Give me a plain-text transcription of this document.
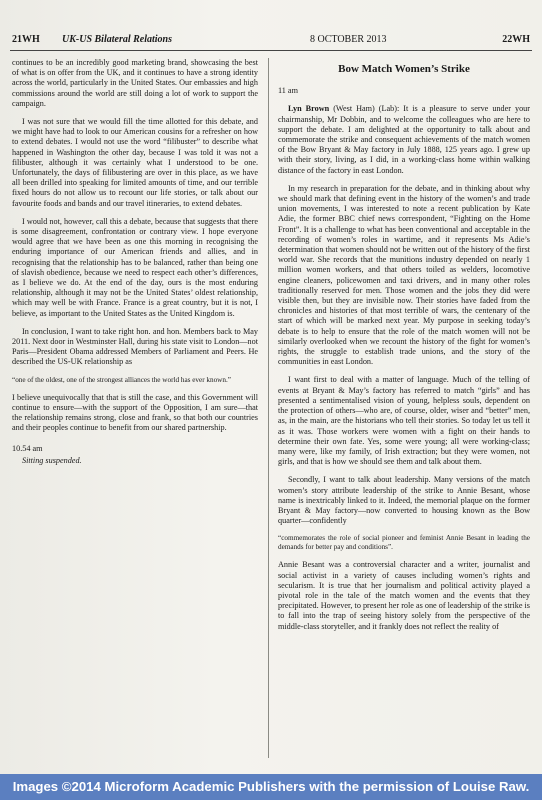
21WH UK-US Bilateral Relations	8 OCTOBER 2013	22WH

continues to be an incredibly good marketing brand, showcasing the best of what is on offer from the UK, and it continues to have a strong identity across the world, particularly in the United States. Our embassies and high commissions around the world are still doing a lot of work to support the campaign.

I was not sure that we would fill the time allotted for this debate, and we might have had to look to our American cousins for a refresher on how to extend debates. I would not use the word “filibuster” to describe what happened in Washington the other day, because I was told it was not a filibuster, although it was certainly what I understood to be one. Unfortunately, the days of filibustering are over in this place, as we have all been drilled into speaking for limited amounts of time, and our terrible fixed hours do not allow us to recount our life stories, or talk about our favourite foods and bands and our travel itineraries, to extend debates.

I would not, however, call this a debate, because that suggests that there is some disagreement, confrontation or contrary view. I hope everyone would agree that we have been as one this morning in recognising the enduring importance of our American friends and allies, and in recognising that the relationship has to be balanced, rather than being one of slavish obedience, because we need to respect each other’s differences, as I believe we do. At the end of the day, ours is the most enduring relationship, although it may not be the United States’ oldest relationship, which may well be with France. France is a great country, but it is not, I believe, as important to the United States as the United Kingdom is.

In conclusion, I want to take right hon. and hon. Members back to May 2011. Next door in Westminster Hall, during his state visit to London—not Paris—President Obama addressed Members of Parliament and Peers. He described the US-UK relationship as

“one of the oldest, one of the strongest alliances the world has ever known.”

I believe unequivocally that that is still the case, and this Government will continue to ensure—with the support of the Opposition, I am sure—that the relationship remains strong, close and frank, so that both our countries and their peoples continue to benefit from our shared partnership.

10.54 am
Sitting suspended.
Bow Match Women’s Strike
11 am

Lyn Brown (West Ham) (Lab): It is a pleasure to serve under your chairmanship, Mr Dobbin, and to welcome the colleagues who are here to support the debate. I am delighted at the opportunity to talk about and commemorate the strike and consequent achievements of the match women of the Bow Bryant & May factory in July 1888, 125 years ago. I grew up with their story, living, as I did, in a working-class home within walking distance of the factory in east London.

In my research in preparation for the debate, and in thinking about why we should mark that defining event in the history of the women’s and trade union movements, I was interested to note a recent publication by Kate Adie, the former BBC chief news correspondent, “Fighting on the Home Front”. It is a challenge to what has been conventional and acceptable in the recording of women’s roles in wartime, and it represents Ms Adie’s determination that women should not be written out of the history of the first world war. She records that the munitions industry depended on nearly 1 million women workers, and that others toiled as welders, locomotive engine cleaners, policewomen and taxi drivers, and in many other roles traditionally reserved for men. Those women and the jobs they did were visible then, but they are invisible now. Their stories have faded from the chronicles and histories of that most terrible of wars, the centenary of the start of which will be marked next year. My purpose in seeking today’s debate is to help to ensure that the role of the match women will not be similarly overlooked when we recount the history of the fight for women’s rights, the struggle to establish trade unions, and the story of the communities in east London.

I want first to deal with a matter of language. Much of the telling of events at Bryant & May’s factory has referred to match “girls” and has presented a sentimentalised vision of young, helpless souls, dependent on the protection of others—who are, of course, older, wiser and “better” men, as, in the main, are the historians who tell their stories. So today let us tell it as it was. Those workers were women with a fight on their hands to determine their own fate. Yes, some were young; all were working-class; many were, like my family, of Irish extraction; but they were women, not girls, and that is how we should see them and talk about them.

Secondly, I want to talk about leadership. Many versions of the match women’s story attribute leadership of the strike to Annie Besant, whose name is inextricably linked to it. Indeed, the memorial plaque on the former Bryant & May factory—now converted to housing known as the Bow quarter—confidently

“commemorates the role of social pioneer and feminist Annie Besant in leading the demands for better pay and conditions”.

Annie Besant was a controversial character and a writer, journalist and social activist in a variety of causes including women’s rights and secularism. It is true that her journalism and political activity played a pivotal role in the tale of the match women and the events that they precipitated. However, to present her role as one of leadership of the strike is to fall into the trap of seeing history solely from the perspective of the middle-class storyteller, and it frankly does not reflect the reality of

Images ©2014 Microform Academic Publishers with the permission of Louise Raw.
